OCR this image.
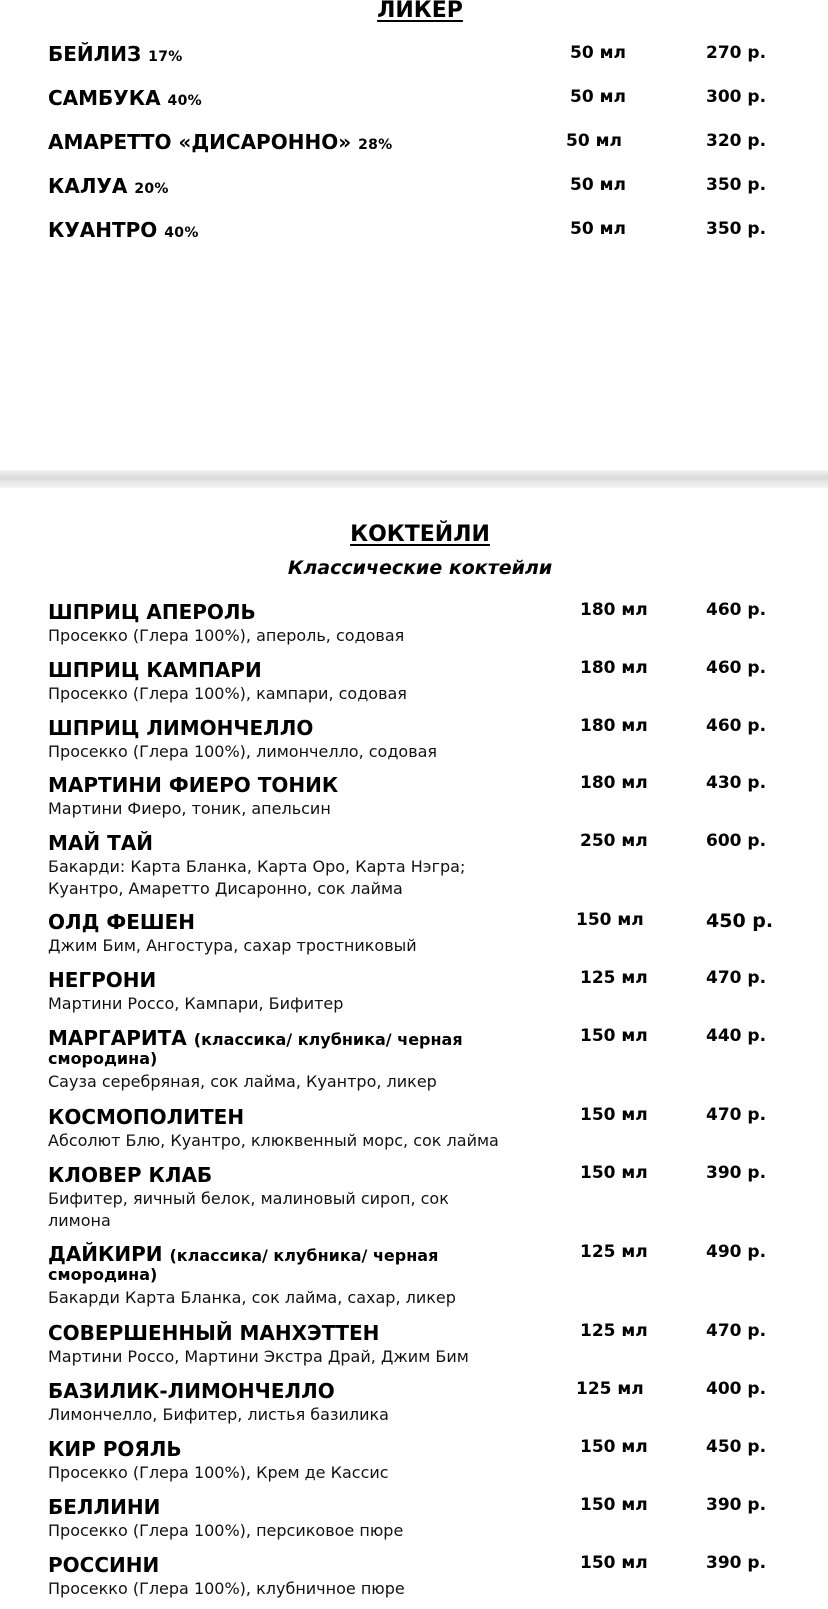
ЛИКЕР
БЕЙЛИЗ 17%	50 мл	270 р.
САМБУКА 40%	50 мл	300 р.
АМАРЕТТО «ДИСАРОННО» 28%	50 мл	320 р.
КАЛУА 20%	50 мл	350 р.
КУАНТРО 40%	50 мл	350 р.
КОКТЕЙЛИ
Классические коктейли
ШПРИЦ АПЕРОЛЬ
Просекко (Глера 100%), апероль, содовая
180 мл	460 р.
ШПРИЦ КАМПАРИ
Просекко (Глера 100%), кампари, содовая
180 мл	460 р.
ШПРИЦ ЛИМОНЧЕЛЛО
Просекко (Глера 100%), лимончелло, содовая
180 мл	460 р.
МАРТИНИ ФИЕРО ТОНИК
Мартини Фиеро, тоник, апельсин
180 мл	430 р.
МАЙ ТАЙ
Бакарди: Карта Бланка, Карта Оро, Карта Нэгра;
Куантро, Амаретто Дисаронно, сок лайма
250 мл	600 р.
ОЛД ФЕШЕН
Джим Бим, Ангостура, сахар тростниковый
150 мл	450 р.
НЕГРОНИ
Мартини Россо, Кампари, Бифитер
125 мл	470 р.
МАРГАРИТА (классика/ клубника/ черная
смородина)
Сауза серебряная, сок лайма, Куантро, ликер
150 мл	440 р.
КОСМОПОЛИТЕН
Абсолют Блю, Куантро, клюквенный морс, сок лайма
150 мл	470 р.
КЛОВЕР КЛАБ
Бифитер, яичный белок, малиновый сироп, сок
лимона
150 мл	390 р.
ДАЙКИРИ (классика/ клубника/ черная
смородина)
Бакарди Карта Бланка, сок лайма, сахар, ликер
125 мл	490 р.
СОВЕРШЕННЫЙ МАНХЭТТЕН
Мартини Россо, Мартини Экстра Драй, Джим Бим
125 мл	470 р.
БАЗИЛИК-ЛИМОНЧЕЛЛО
Лимончелло, Бифитер, листья базилика
125 мл	400 р.
КИР РОЯЛЬ
Просекко (Глера 100%), Крем де Кассис
150 мл	450 р.
БЕЛЛИНИ
Просекко (Глера 100%), персиковое пюре
150 мл	390 р.
РОССИНИ
Просекко (Глера 100%), клубничное пюре
150 мл	390 р.
